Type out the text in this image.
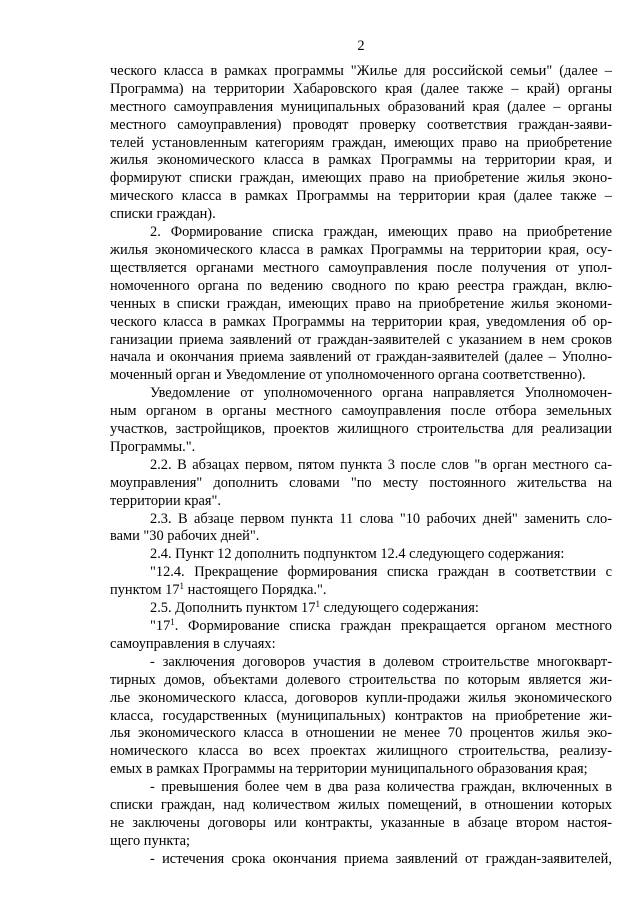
2

ческого класса в рамках программы "Жилье для российской семьи" (далее –
Программа) на территории Хабаровского края (далее также – край) органы
местного самоуправления муниципальных образований края (далее – органы
местного самоуправления) проводят проверку соответствия граждан-заяви-
телей установленным категориям граждан, имеющих право на приобретение
жилья экономического класса в рамках Программы на территории края, и
формируют списки граждан, имеющих право на приобретение жилья эконо-
мического класса в рамках Программы на территории края (далее также –
списки граждан).

2. Формирование списка граждан, имеющих право на приобретение
жилья экономического класса в рамках Программы на территории края, осу-
ществляется органами местного самоуправления после получения от упол-
номоченного органа по ведению сводного по краю реестра граждан, вклю-
ченных в списки граждан, имеющих право на приобретение жилья экономи-
ческого класса в рамках Программы на территории края, уведомления об ор-
ганизации приема заявлений от граждан-заявителей с указанием в нем сроков
начала и окончания приема заявлений от граждан-заявителей (далее – Уполно-
моченный орган и Уведомление от уполномоченного органа соответственно).

Уведомление от уполномоченного органа направляется Уполномочен-
ным органом в органы местного самоуправления после отбора земельных
участков, застройщиков, проектов жилищного строительства для реализации
Программы.".

2.2. В абзацах первом, пятом пункта 3 после слов "в орган местного са-
моуправления" дополнить словами "по месту постоянного жительства на
территории края".

2.3. В абзаце первом пункта 11 слова "10 рабочих дней" заменить сло-
вами "30 рабочих дней".

2.4. Пункт 12 дополнить подпунктом 12.4 следующего содержания:

"12.4. Прекращение формирования списка граждан в соответствии с
пунктом $17^1$ настоящего Порядка.".

2.5. Дополнить пунктом $17^1$ следующего содержания:

"$17^1$. Формирование списка граждан прекращается органом местного
самоуправления в случаях:

- заключения договоров участия в долевом строительстве многокварт-
тирных домов, объектами долевого строительства по которым является жи-
лье экономического класса, договоров купли-продажи жилья экономического
класса, государственных (муниципальных) контрактов на приобретение жи-
лья экономического класса в отношении не менее 70 процентов жилья эко-
номического класса во всех проектах жилищного строительства, реализу-
емых в рамках Программы на территории муниципального образования края;

- превышения более чем в два раза количества граждан, включенных в
списки граждан, над количеством жилых помещений, в отношении которых
не заключены договоры или контракты, указанные в абзаце втором настоя-
щего пункта;

- истечения срока окончания приема заявлений от граждан-заявителей,
